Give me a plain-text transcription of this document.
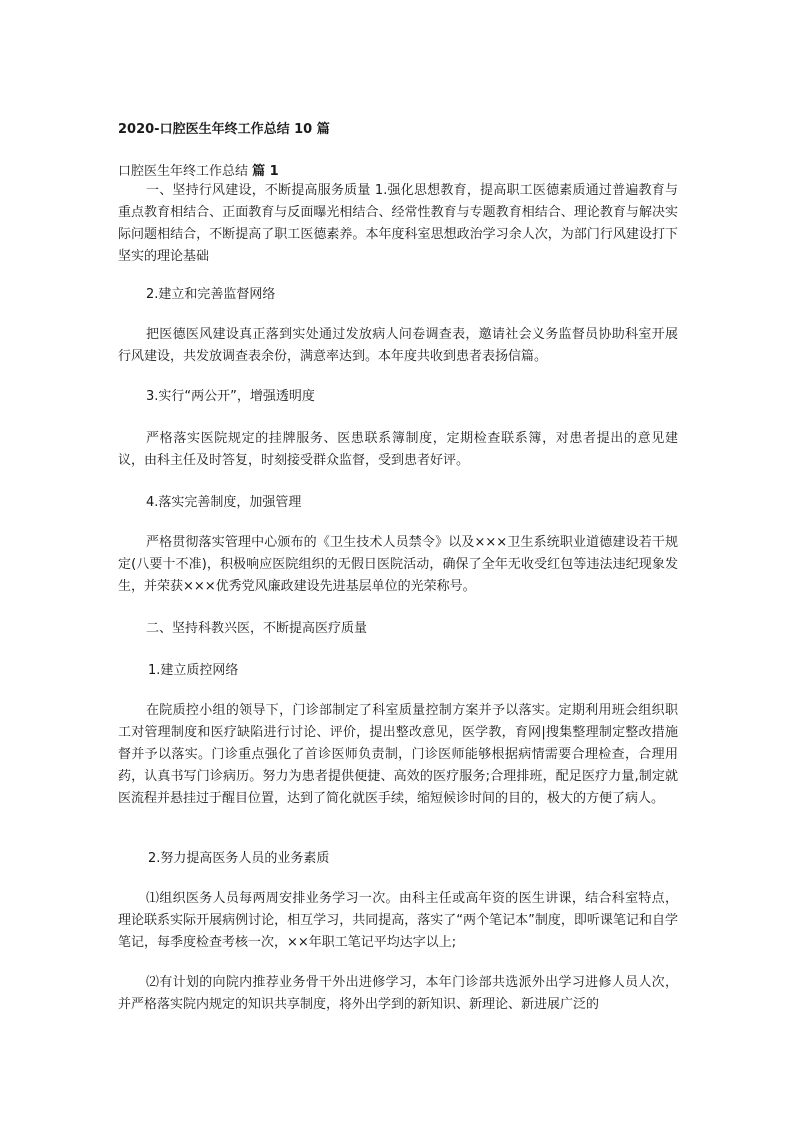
2020-口腔医生年终工作总结 10 篇
口腔医生年终工作总结 篇 1
一、坚持行风建设，不断提高服务质量 1.强化思想教育，提高职工医德素质通过普遍教育与重点教育相结合、正面教育与反面曝光相结合、经常性教育与专题教育相结合、理论教育与解决实际问题相结合，不断提高了职工医德素养。本年度科室思想政治学习余人次，为部门行风建设打下坚实的理论基础
2.建立和完善监督网络
把医德医风建设真正落到实处通过发放病人问卷调查表，邀请社会义务监督员协助科室开展行风建设，共发放调查表余份，满意率达到。本年度共收到患者表扬信篇。
3.实行“两公开”，增强透明度
严格落实医院规定的挂牌服务、医患联系簿制度，定期检查联系簿，对患者提出的意见建议，由科主任及时答复，时刻接受群众监督，受到患者好评。
4.落实完善制度，加强管理
严格贯彻落实管理中心颁布的《卫生技术人员禁令》以及×××卫生系统职业道德建设若干规定(八要十不准)，积极响应医院组织的无假日医院活动，确保了全年无收受红包等违法违纪现象发生，并荣获×××优秀党风廉政建设先进基层单位的光荣称号。
二、坚持科教兴医，不断提高医疗质量
1.建立质控网络
在院质控小组的领导下，门诊部制定了科室质量控制方案并予以落实。定期利用班会组织职工对管理制度和医疗缺陷进行讨论、评价，提出整改意见，医学教，育网|搜集整理制定整改措施督并予以落实。门诊重点强化了首诊医师负责制，门诊医师能够根据病情需要合理检查，合理用药，认真书写门诊病历。努力为患者提供便捷、高效的医疗服务;合理排班，配足医疗力量,制定就医流程并悬挂过于醒目位置，达到了简化就医手续，缩短候诊时间的目的，极大的方便了病人。
2.努力提高医务人员的业务素质
⑴组织医务人员每两周安排业务学习一次。由科主任或高年资的医生讲课，结合科室特点，理论联系实际开展病例讨论，相互学习，共同提高，落实了“两个笔记本”制度，即听课笔记和自学笔记，每季度检查考核一次，××年职工笔记平均达字以上;
⑵有计划的向院内推荐业务骨干外出进修学习，本年门诊部共选派外出学习进修人员人次，并严格落实院内规定的知识共享制度，将外出学到的新知识、新理论、新进展广泛的
